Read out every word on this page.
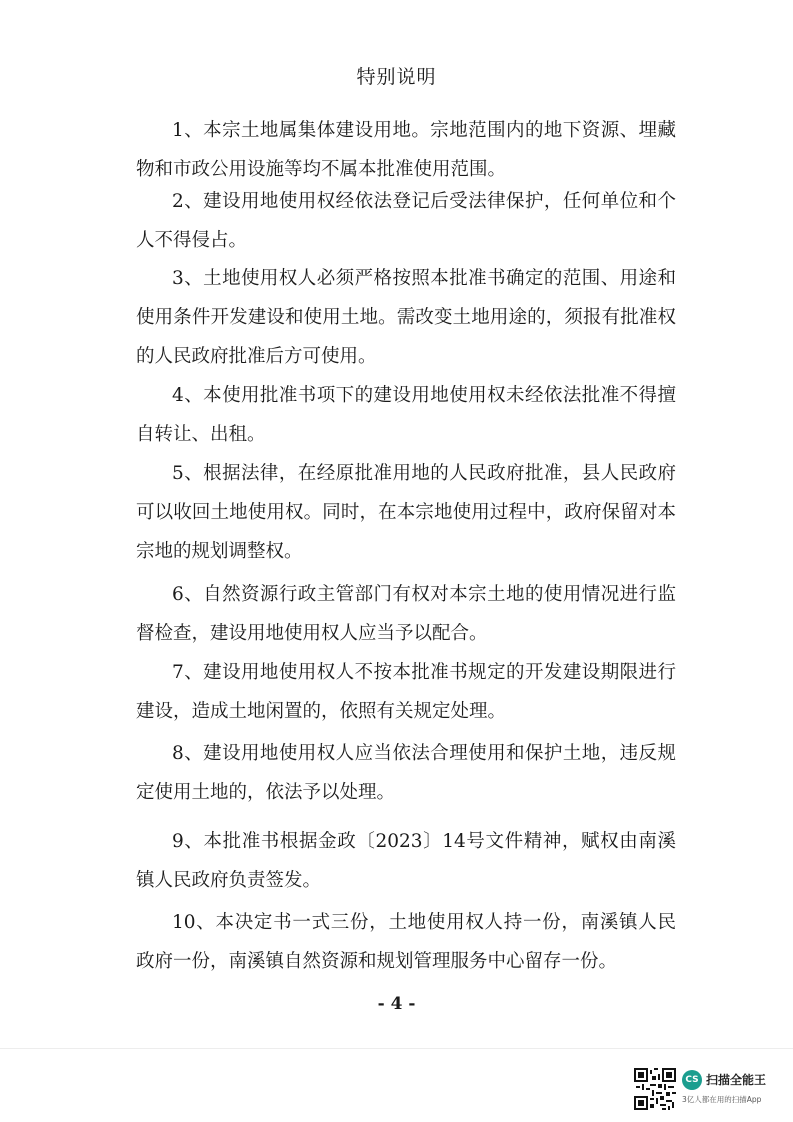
特别说明

1、本宗土地属集体建设用地。宗地范围内的地下资源、埋藏物和市政公用设施等均不属本批准使用范围。

2、建设用地使用权经依法登记后受法律保护，任何单位和个人不得侵占。

3、土地使用权人必须严格按照本批准书确定的范围、用途和使用条件开发建设和使用土地。需改变土地用途的，须报有批准权的人民政府批准后方可使用。

4、本使用批准书项下的建设用地使用权未经依法批准不得擅自转让、出租。

5、根据法律，在经原批准用地的人民政府批准，县人民政府可以收回土地使用权。同时，在本宗地使用过程中，政府保留对本宗地的规划调整权。

6、自然资源行政主管部门有权对本宗土地的使用情况进行监督检查，建设用地使用权人应当予以配合。

7、建设用地使用权人不按本批准书规定的开发建设期限进行建设，造成土地闲置的，依照有关规定处理。

8、建设用地使用权人应当依法合理使用和保护土地，违反规定使用土地的，依法予以处理。

9、本批准书根据金政〔2023〕14号文件精神，赋权由南溪镇人民政府负责签发。

10、本决定书一式三份，土地使用权人持一份，南溪镇人民政府一份，南溪镇自然资源和规划管理服务中心留存一份。

- 4 -
CS 扫描全能王
3亿人都在用的扫描App
